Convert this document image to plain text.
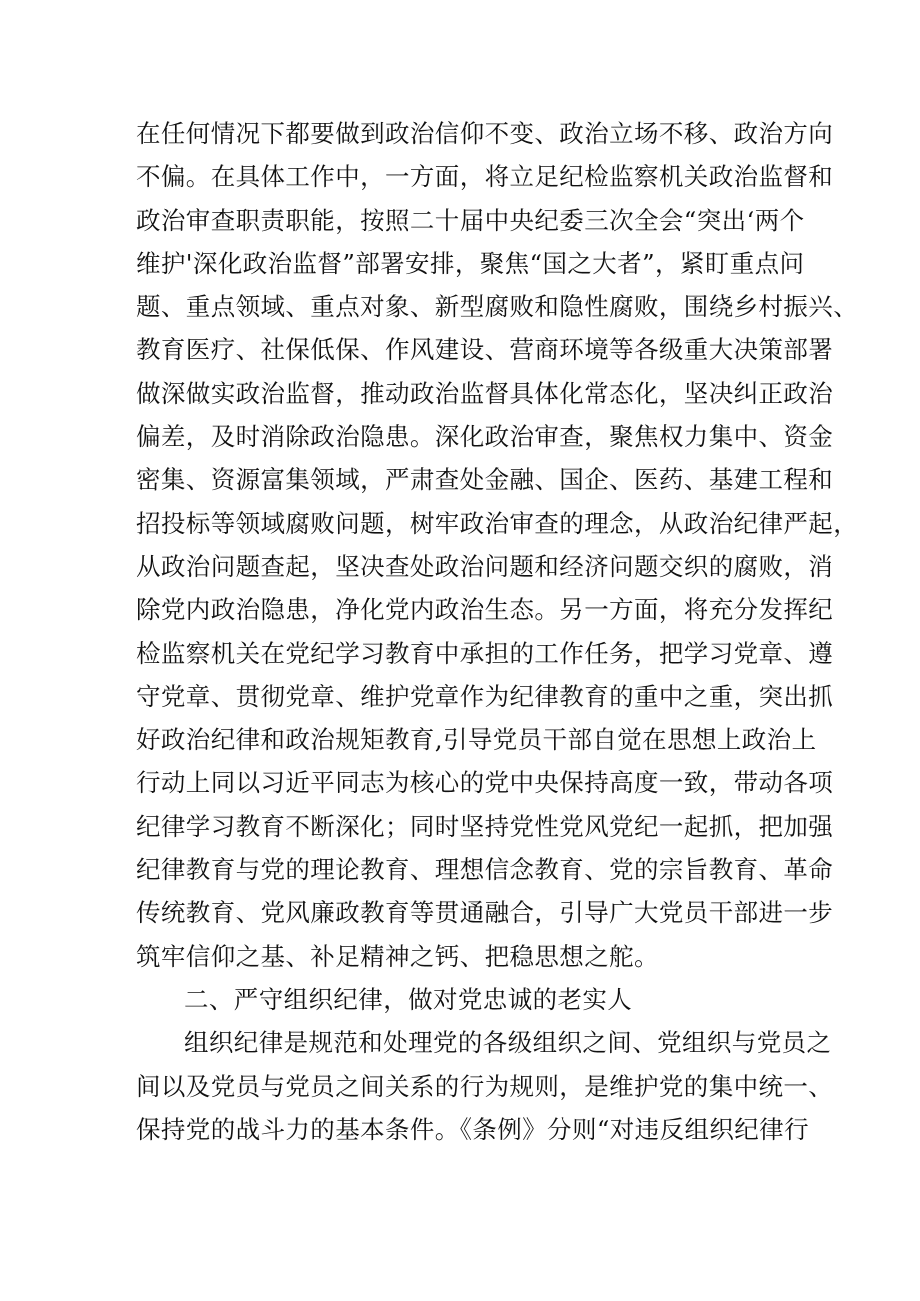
在任何情况下都要做到政治信仰不变、政治立场不移、政治方向
不偏。在具体工作中，一方面，将立足纪检监察机关政治监督和
政治审查职责职能，按照二十届中央纪委三次全会“突出‘两个
维护'深化政治监督”部署安排，聚焦“国之大者”，紧盯重点问
题、重点领域、重点对象、新型腐败和隐性腐败，围绕乡村振兴、
教育医疗、社保低保、作风建设、营商环境等各级重大决策部署
做深做实政治监督，推动政治监督具体化常态化，坚决纠正政治
偏差，及时消除政治隐患。深化政治审查，聚焦权力集中、资金
密集、资源富集领域，严肃查处金融、国企、医药、基建工程和
招投标等领域腐败问题，树牢政治审查的理念，从政治纪律严起，
从政治问题查起，坚决查处政治问题和经济问题交织的腐败，消
除党内政治隐患，净化党内政治生态。另一方面，将充分发挥纪
检监察机关在党纪学习教育中承担的工作任务，把学习党章、遵
守党章、贯彻党章、维护党章作为纪律教育的重中之重，突出抓
好政治纪律和政治规矩教育,引导党员干部自觉在思想上政治上
行动上同以习近平同志为核心的党中央保持高度一致，带动各项
纪律学习教育不断深化；同时坚持党性党风党纪一起抓，把加强
纪律教育与党的理论教育、理想信念教育、党的宗旨教育、革命
传统教育、党风廉政教育等贯通融合，引导广大党员干部进一步
筑牢信仰之基、补足精神之钙、把稳思想之舵。
二、严守组织纪律，做对党忠诚的老实人
组织纪律是规范和处理党的各级组织之间、党组织与党员之
间以及党员与党员之间关系的行为规则，是维护党的集中统一、
保持党的战斗力的基本条件。《条例》分则“对违反组织纪律行
